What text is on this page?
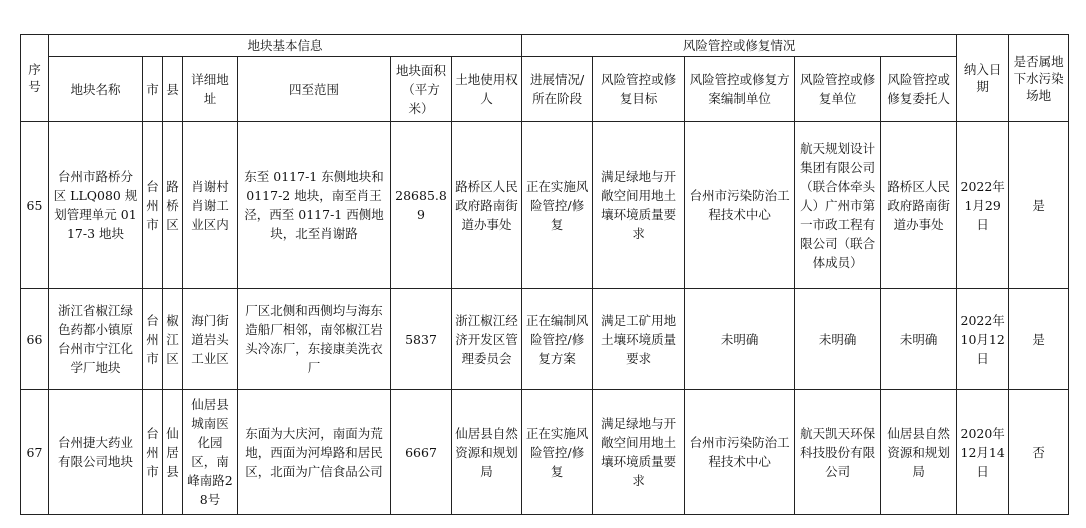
序号	地块基本信息							风险管控或修复情况					纳入日期	是否属地下水污染场地
	地块名称	市	县	详细地址	四至范围	地块面积（平方米）	土地使用权人	进展情况/所在阶段	风险管控或修复目标	风险管控或修复方案编制单位	风险管控或修复单位	风险管控或修复委托人		
65	台州市路桥分区 LLQ080 规划管理单元 0117-3 地块	台州市	路桥区	肖谢村肖谢工业区内	东至 0117-1 东侧地块和 0117-2 地块，南至肖王泾，西至 0117-1 西侧地块，北至肖谢路	28685.89	路桥区人民政府路南街道办事处	正在实施风险管控/修复	满足绿地与开敞空间用地土壤环境质量要求	台州市污染防治工程技术中心	航天规划设计集团有限公司（联合体牵头人）广州市第一市政工程有限公司（联合体成员）	路桥区人民政府路南街道办事处	2022年1月29日	是
66	浙江省椒江绿色药都小镇原台州市宁江化学厂地块	台州市	椒江区	海门街道岩头工业区	厂区北侧和西侧均与海东造船厂相邻，南邻椒江岩头冷冻厂，东接康美洗衣厂	5837	浙江椒江经济开发区管理委员会	正在编制风险管控/修复方案	满足工矿用地土壤环境质量要求	未明确	未明确	未明确	2022年10月12日	是
67	台州捷大药业有限公司地块	台州市	仙居县	仙居县城南医化园区，南峰南路28号	东面为大庆河，南面为荒地，西面为河埠路和居民区，北面为广信食品公司	6667	仙居县自然资源和规划局	正在实施风险管控/修复	满足绿地与开敞空间用地土壤环境质量要求	台州市污染防治工程技术中心	航天凯天环保科技股份有限公司	仙居县自然资源和规划局	2020年12月14日	否
